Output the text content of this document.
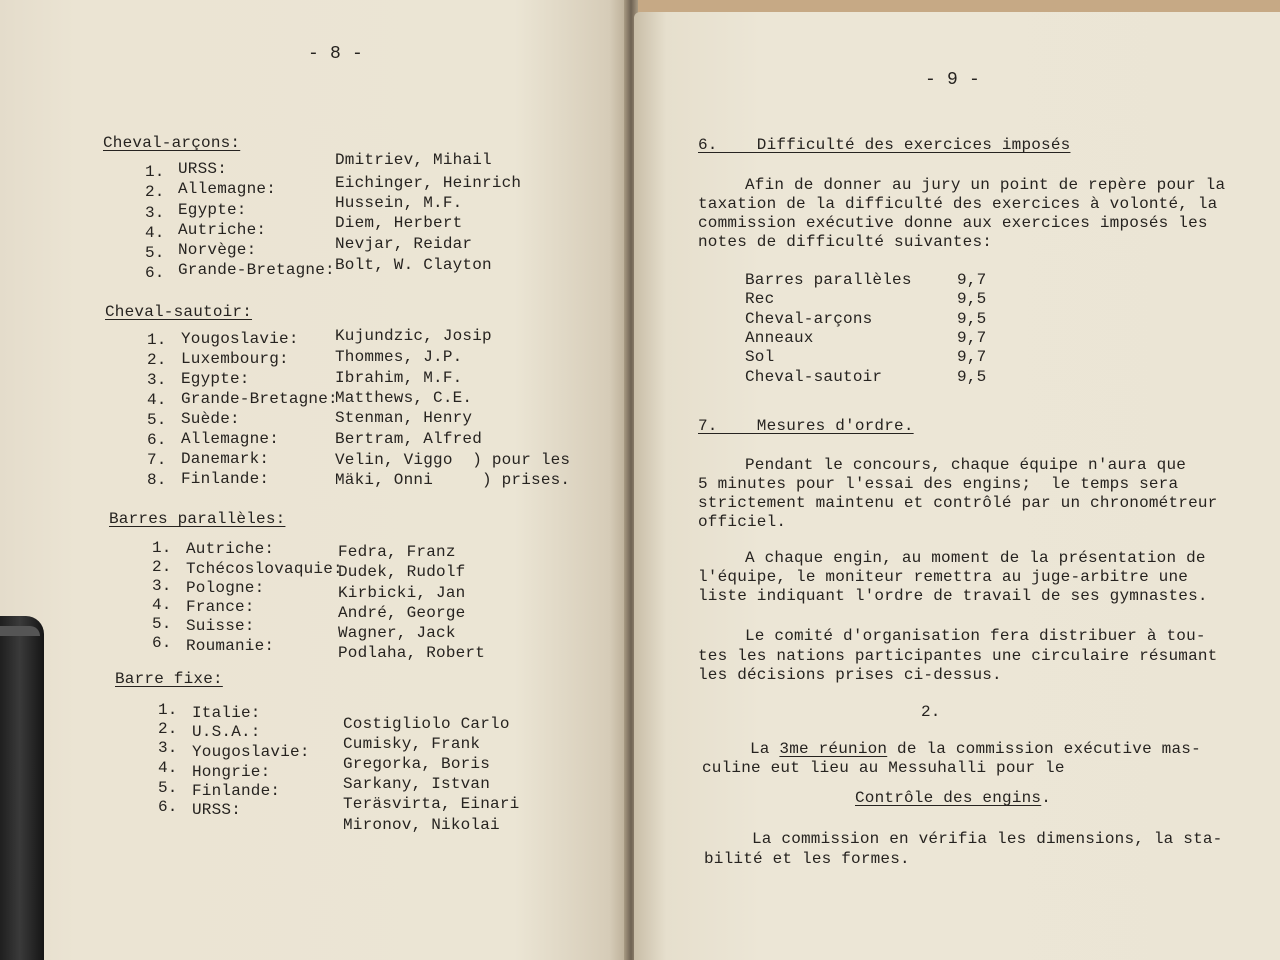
- 8 -
Cheval-arçons:
1. URSS:	Dmitriev, Mihail
2. Allemagne:	Eichinger, Heinrich
3. Egypte:	Hussein, M.F.
4. Autriche:	Diem, Herbert
5. Norvège:	Nevjar, Reidar
6. Grande-Bretagne: Bolt, W. Clayton
Cheval-sautoir:
1. Yougoslavie: Kujundzic, Josip
2. Luxembourg:	Thommes, J.P.
3. Egypte:	Ibrahim, M.F.
4. Grande-Bretagne:
Matthews, C.E.
5. Suède:	Stenman, Henry
6. Allemagne:	Bertram, Alfred
7. Danemark:	Velin, Viggo  ) pour les
8. Finlande:	Mäki, Onni     ) prises.
Barres parallèles:
1. Autriche:	Fedra, Franz
2. Tchécoslovaquie:
Dudek, Rudolf
3. Pologne:	Kirbicki, Jan
4. France:	André, George
5. Suisse:	Wagner, Jack
6. Roumanie:	Podlaha, Robert
Barre fixe:
1. Italie:
Costigliolo Carlo
2. U.S.A.:
Cumisky, Frank
3. Yougoslavie:
Gregorka, Boris
4. Hongrie:
Sarkany, Istvan
5. Finlande:
Teräsvirta, Einari
6. URSS:
Mironov, Nikolai
- 9 -
6.    Difficulté des exercices imposés
Afin de donner au jury un point de repère pour la
taxation de la difficulté des exercices à volonté, la
commission exécutive donne aux exercices imposés les
notes de difficulté suivantes:
Barres parallèles	9,7
Rec	9,5
Cheval-arçons	9,5
Anneaux	9,7
Sol	9,7
Cheval-sautoir	9,5
7.    Mesures d'ordre.
Pendant le concours, chaque équipe n'aura que
5 minutes pour l'essai des engins;  le temps sera
strictement maintenu et contrôlé par un chronométreur
officiel.
A chaque engin, au moment de la présentation de
l'équipe, le moniteur remettra au juge-arbitre une
liste indiquant l'ordre de travail de ses gymnastes.
Le comité d'organisation fera distribuer à tou-
tes les nations participantes une circulaire résumant
les décisions prises ci-dessus.
2.
La 3me réunion de la commission exécutive mas-
culine eut lieu au Messuhalli pour le
Contrôle des engins.
La commission en vérifia les dimensions, la sta-
bilité et les formes.
